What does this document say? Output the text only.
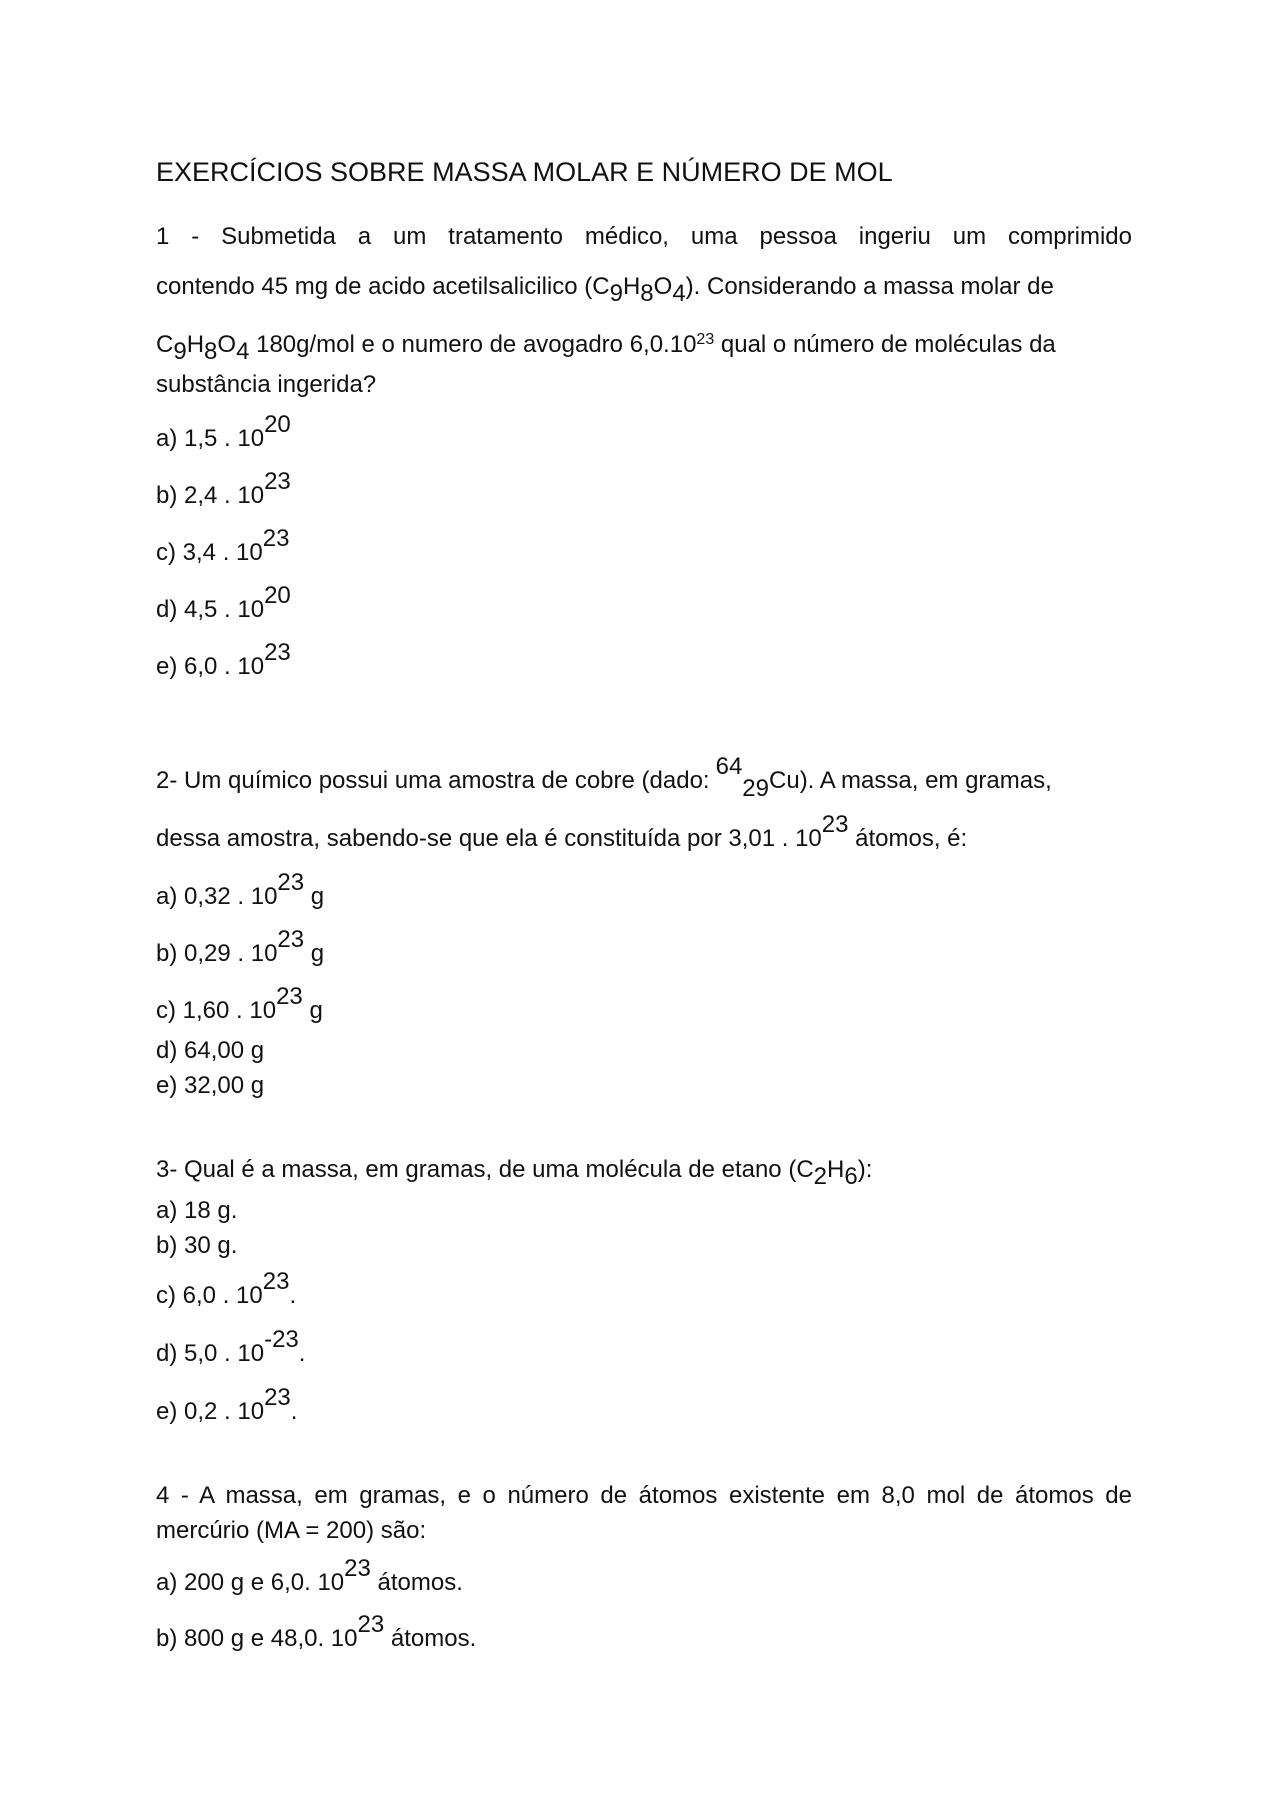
EXERCÍCIOS SOBRE MASSA MOLAR E NÚMERO DE MOL
1 - Submetida a um tratamento médico, uma pessoa ingeriu um comprimido
contendo 45 mg de acido acetilsalicilico (C9H8O4). Considerando a massa molar de
C9H8O4 180g/mol e o numero de avogadro 6,0.10$^{23}$ qual o número de moléculas da
substância ingerida?
a) 1,5 . 1020
b) 2,4 . 1023
c) 3,4 . 1023
d) 4,5 . 1020
e) 6,0 . 1023
2- Um químico possui uma amostra de cobre (dado:6429Cu). A massa, em gramas,
dessa amostra, sabendo-se que ela é constituída por 3,01 . 1023 átomos, é:
a) 0,32 . 1023 g
b) 0,29 . 1023 g
c) 1,60 . 1023 g
d) 64,00 g
e) 32,00 g
3- Qual é a massa, em gramas, de uma molécula de etano (C2H6):
a) 18 g.
b) 30 g.
c) 6,0 . 1023.
d) 5,0 . 10-23.
e) 0,2 . 1023.
4 - A massa, em gramas, e o número de átomos existente em 8,0 mol de átomos de
mercúrio (MA = 200) são:
a) 200 g e 6,0. 1023 átomos.
b) 800 g e 48,0. 1023 átomos.
